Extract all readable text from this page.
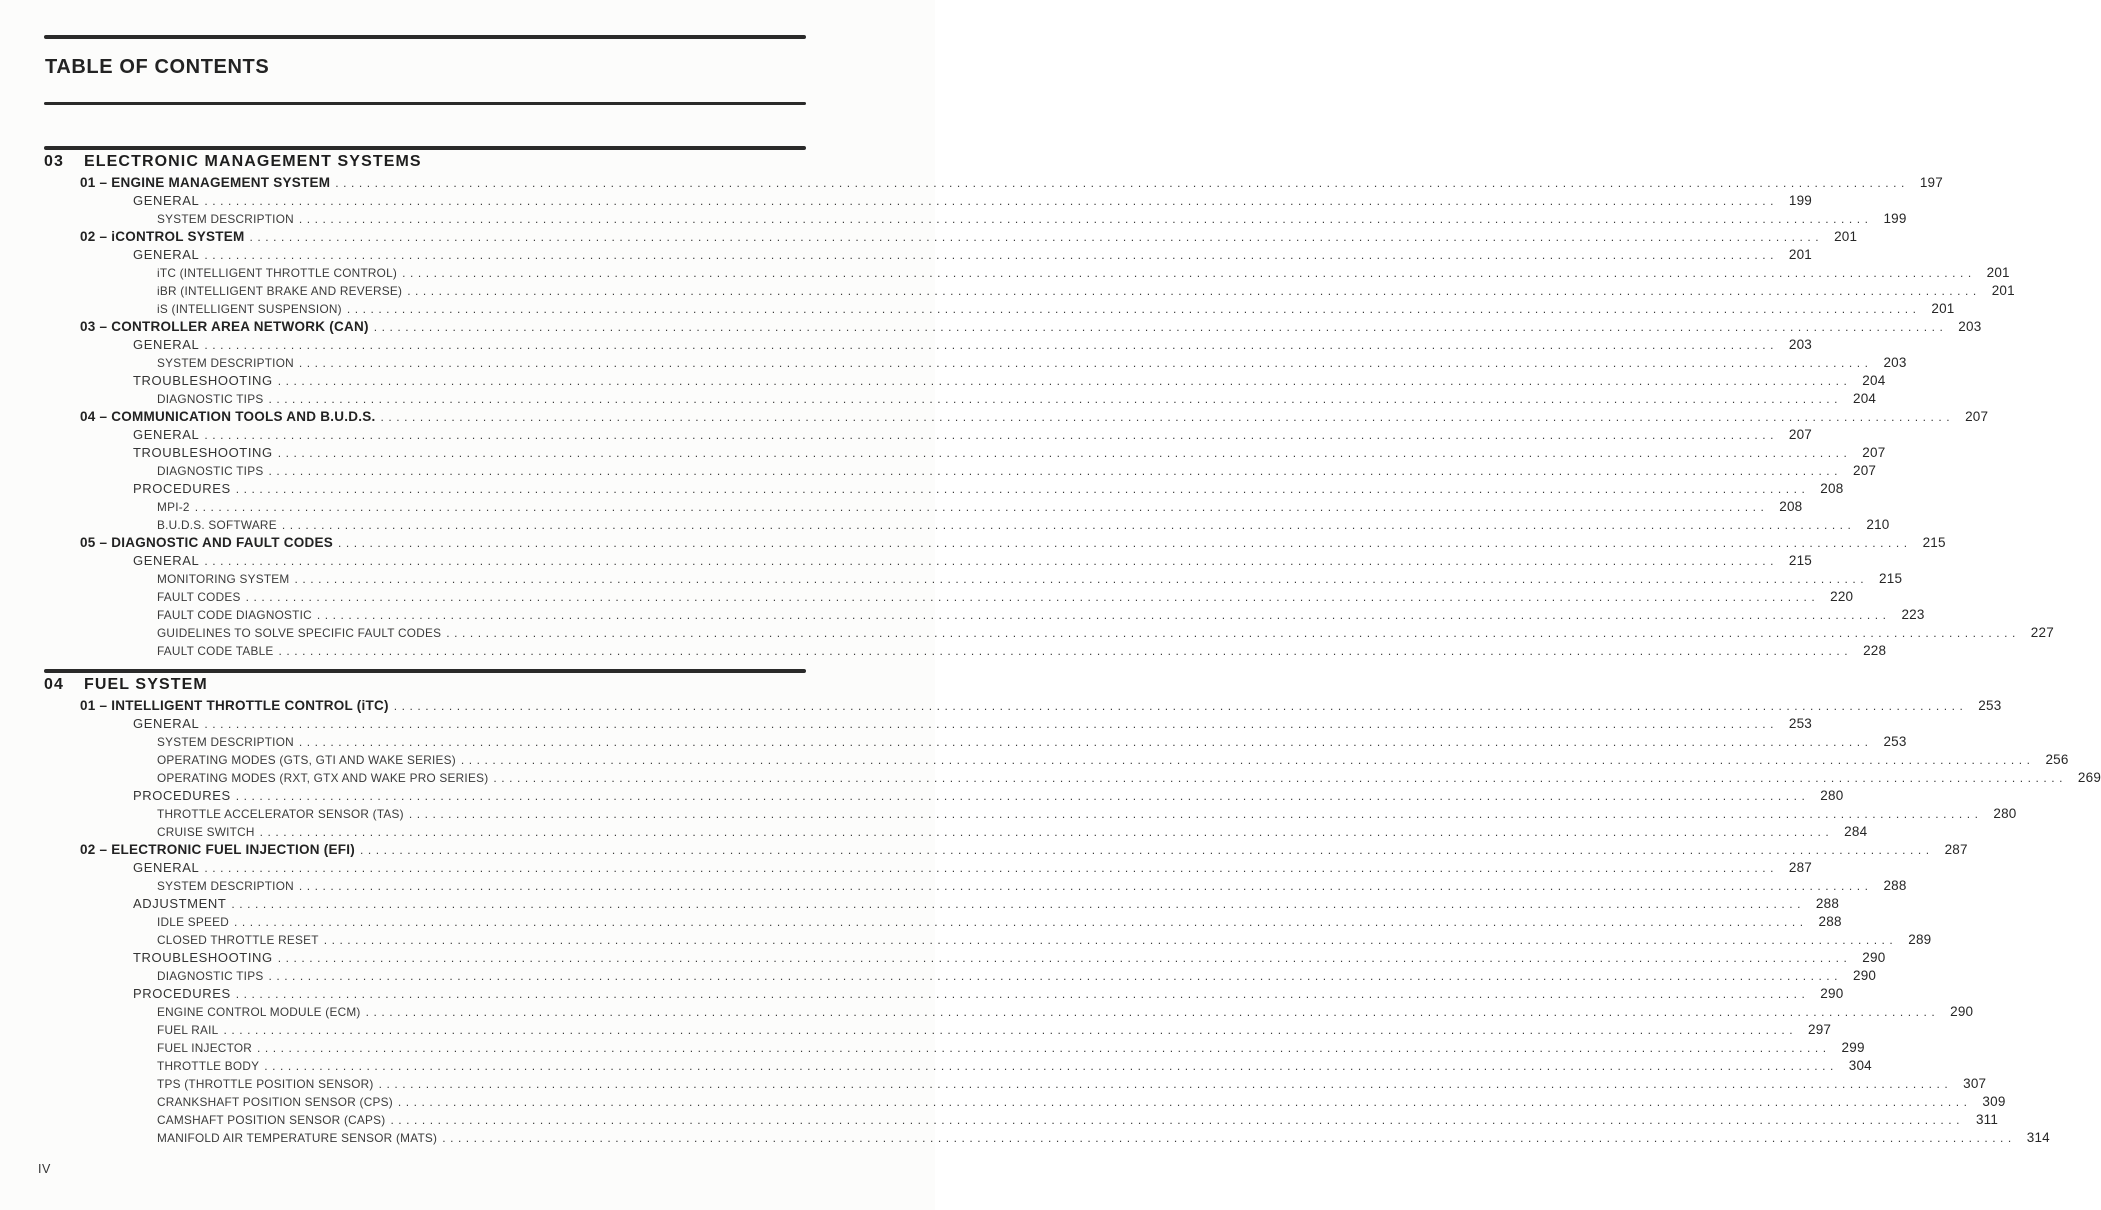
TABLE OF CONTENTS
03	ELECTRONIC MANAGEMENT SYSTEMS
01 – ENGINE MANAGEMENT SYSTEM . . . . . . . . . . . . . . . . . . . . . . . . . . . . . . . . . . . . . . . . . . . . . . . . . . . . . . . . . . . . . . . . . . . . . . . . . . . . . . . . . . . . . . . . . . . . . . . . . . . . . . . . . . . . . . . . . . . . . . . . . . . . . . . . . . . . . . . . . . . . . . . . . . . . . . . . . . . . . . . . . . . . . . . . . . . . . . . . . . . . . . . . . . . . . . . . . . . . . . . .	197
GENERAL . . . . . . . . . . . . . . . . . . . . . . . . . . . . . . . . . . . . . . . . . . . . . . . . . . . . . . . . . . . . . . . . . . . . . . . . . . . . . . . . . . . . . . . . . . . . . . . . . . . . . . . . . . . . . . . . . . . . . . . . . . . . . . . . . . . . . . . . . . . . . . . . . . . . . . . . . . . . . . . . . . . . . . . . . . . . . . . . . . . . . . . . . . . . . . . . . . . . . . . .	199
SYSTEM DESCRIPTION . . . . . . . . . . . . . . . . . . . . . . . . . . . . . . . . . . . . . . . . . . . . . . . . . . . . . . . . . . . . . . . . . . . . . . . . . . . . . . . . . . . . . . . . . . . . . . . . . . . . . . . . . . . . . . . . . . . . . . . . . . . . . . . . . . . . . . . . . . . . . . . . . . . . . . . . . . . . . . . . . . . . . . . . . . . . . . . . . . . . . . . . . . . . . . . . . . . . . . . .	199
02 – iCONTROL SYSTEM . . . . . . . . . . . . . . . . . . . . . . . . . . . . . . . . . . . . . . . . . . . . . . . . . . . . . . . . . . . . . . . . . . . . . . . . . . . . . . . . . . . . . . . . . . . . . . . . . . . . . . . . . . . . . . . . . . . . . . . . . . . . . . . . . . . . . . . . . . . . . . . . . . . . . . . . . . . . . . . . . . . . . . . . . . . . . . . . . . . . . . . . . . . . . . . . . . . . . . . .	201
GENERAL . . . . . . . . . . . . . . . . . . . . . . . . . . . . . . . . . . . . . . . . . . . . . . . . . . . . . . . . . . . . . . . . . . . . . . . . . . . . . . . . . . . . . . . . . . . . . . . . . . . . . . . . . . . . . . . . . . . . . . . . . . . . . . . . . . . . . . . . . . . . . . . . . . . . . . . . . . . . . . . . . . . . . . . . . . . . . . . . . . . . . . . . . . . . . . . . . . . . . . . .	201
iTC (INTELLIGENT THROTTLE CONTROL) . . . . . . . . . . . . . . . . . . . . . . . . . . . . . . . . . . . . . . . . . . . . . . . . . . . . . . . . . . . . . . . . . . . . . . . . . . . . . . . . . . . . . . . . . . . . . . . . . . . . . . . . . . . . . . . . . . . . . . . . . . . . . . . . . . . . . . . . . . . . . . . . . . . . . . . . . . . . . . . . . . . . . . . . . . . . . . . . . . . . . . . . . . . . . . . . . . . . . . . .	201
iBR (INTELLIGENT BRAKE AND REVERSE) . . . . . . . . . . . . . . . . . . . . . . . . . . . . . . . . . . . . . . . . . . . . . . . . . . . . . . . . . . . . . . . . . . . . . . . . . . . . . . . . . . . . . . . . . . . . . . . . . . . . . . . . . . . . . . . . . . . . . . . . . . . . . . . . . . . . . . . . . . . . . . . . . . . . . . . . . . . . . . . . . . . . . . . . . . . . . . . . . . . . . . . . . . . . . . . . . . . . . . . .	201
iS (INTELLIGENT SUSPENSION) . . . . . . . . . . . . . . . . . . . . . . . . . . . . . . . . . . . . . . . . . . . . . . . . . . . . . . . . . . . . . . . . . . . . . . . . . . . . . . . . . . . . . . . . . . . . . . . . . . . . . . . . . . . . . . . . . . . . . . . . . . . . . . . . . . . . . . . . . . . . . . . . . . . . . . . . . . . . . . . . . . . . . . . . . . . . . . . . . . . . . . . . . . . . . . . . . . . . . . . .	201
03 – CONTROLLER AREA NETWORK (CAN) . . . . . . . . . . . . . . . . . . . . . . . . . . . . . . . . . . . . . . . . . . . . . . . . . . . . . . . . . . . . . . . . . . . . . . . . . . . . . . . . . . . . . . . . . . . . . . . . . . . . . . . . . . . . . . . . . . . . . . . . . . . . . . . . . . . . . . . . . . . . . . . . . . . . . . . . . . . . . . . . . . . . . . . . . . . . . . . . . . . . . . . . . . . . . . . . . . . . . . . .	203
GENERAL . . . . . . . . . . . . . . . . . . . . . . . . . . . . . . . . . . . . . . . . . . . . . . . . . . . . . . . . . . . . . . . . . . . . . . . . . . . . . . . . . . . . . . . . . . . . . . . . . . . . . . . . . . . . . . . . . . . . . . . . . . . . . . . . . . . . . . . . . . . . . . . . . . . . . . . . . . . . . . . . . . . . . . . . . . . . . . . . . . . . . . . . . . . . . . . . . . . . . . . .	203
SYSTEM DESCRIPTION . . . . . . . . . . . . . . . . . . . . . . . . . . . . . . . . . . . . . . . . . . . . . . . . . . . . . . . . . . . . . . . . . . . . . . . . . . . . . . . . . . . . . . . . . . . . . . . . . . . . . . . . . . . . . . . . . . . . . . . . . . . . . . . . . . . . . . . . . . . . . . . . . . . . . . . . . . . . . . . . . . . . . . . . . . . . . . . . . . . . . . . . . . . . . . . . . . . . . . . .	203
TROUBLESHOOTING . . . . . . . . . . . . . . . . . . . . . . . . . . . . . . . . . . . . . . . . . . . . . . . . . . . . . . . . . . . . . . . . . . . . . . . . . . . . . . . . . . . . . . . . . . . . . . . . . . . . . . . . . . . . . . . . . . . . . . . . . . . . . . . . . . . . . . . . . . . . . . . . . . . . . . . . . . . . . . . . . . . . . . . . . . . . . . . . . . . . . . . . . . . . . . . . . . . . . . . .	204
DIAGNOSTIC TIPS . . . . . . . . . . . . . . . . . . . . . . . . . . . . . . . . . . . . . . . . . . . . . . . . . . . . . . . . . . . . . . . . . . . . . . . . . . . . . . . . . . . . . . . . . . . . . . . . . . . . . . . . . . . . . . . . . . . . . . . . . . . . . . . . . . . . . . . . . . . . . . . . . . . . . . . . . . . . . . . . . . . . . . . . . . . . . . . . . . . . . . . . . . . . . . . . . . . . . . . .	204
04 – COMMUNICATION TOOLS AND B.U.D.S. . . . . . . . . . . . . . . . . . . . . . . . . . . . . . . . . . . . . . . . . . . . . . . . . . . . . . . . . . . . . . . . . . . . . . . . . . . . . . . . . . . . . . . . . . . . . . . . . . . . . . . . . . . . . . . . . . . . . . . . . . . . . . . . . . . . . . . . . . . . . . . . . . . . . . . . . . . . . . . . . . . . . . . . . . . . . . . . . . . . . . . . . . . . . . . . . . . . . . . . .	207
GENERAL . . . . . . . . . . . . . . . . . . . . . . . . . . . . . . . . . . . . . . . . . . . . . . . . . . . . . . . . . . . . . . . . . . . . . . . . . . . . . . . . . . . . . . . . . . . . . . . . . . . . . . . . . . . . . . . . . . . . . . . . . . . . . . . . . . . . . . . . . . . . . . . . . . . . . . . . . . . . . . . . . . . . . . . . . . . . . . . . . . . . . . . . . . . . . . . . . . . . . . . .	207
TROUBLESHOOTING . . . . . . . . . . . . . . . . . . . . . . . . . . . . . . . . . . . . . . . . . . . . . . . . . . . . . . . . . . . . . . . . . . . . . . . . . . . . . . . . . . . . . . . . . . . . . . . . . . . . . . . . . . . . . . . . . . . . . . . . . . . . . . . . . . . . . . . . . . . . . . . . . . . . . . . . . . . . . . . . . . . . . . . . . . . . . . . . . . . . . . . . . . . . . . . . . . . . . . . .	207
DIAGNOSTIC TIPS . . . . . . . . . . . . . . . . . . . . . . . . . . . . . . . . . . . . . . . . . . . . . . . . . . . . . . . . . . . . . . . . . . . . . . . . . . . . . . . . . . . . . . . . . . . . . . . . . . . . . . . . . . . . . . . . . . . . . . . . . . . . . . . . . . . . . . . . . . . . . . . . . . . . . . . . . . . . . . . . . . . . . . . . . . . . . . . . . . . . . . . . . . . . . . . . . . . . . . . .	207
PROCEDURES . . . . . . . . . . . . . . . . . . . . . . . . . . . . . . . . . . . . . . . . . . . . . . . . . . . . . . . . . . . . . . . . . . . . . . . . . . . . . . . . . . . . . . . . . . . . . . . . . . . . . . . . . . . . . . . . . . . . . . . . . . . . . . . . . . . . . . . . . . . . . . . . . . . . . . . . . . . . . . . . . . . . . . . . . . . . . . . . . . . . . . . . . . . . . . . . . . . . . . . .	208
MPI-2 . . . . . . . . . . . . . . . . . . . . . . . . . . . . . . . . . . . . . . . . . . . . . . . . . . . . . . . . . . . . . . . . . . . . . . . . . . . . . . . . . . . . . . . . . . . . . . . . . . . . . . . . . . . . . . . . . . . . . . . . . . . . . . . . . . . . . . . . . . . . . . . . . . . . . . . . . . . . . . . . . . . . . . . . . . . . . . . . . . . . . . . . . . . . . . . . . . . . . . . .	208
B.U.D.S. SOFTWARE . . . . . . . . . . . . . . . . . . . . . . . . . . . . . . . . . . . . . . . . . . . . . . . . . . . . . . . . . . . . . . . . . . . . . . . . . . . . . . . . . . . . . . . . . . . . . . . . . . . . . . . . . . . . . . . . . . . . . . . . . . . . . . . . . . . . . . . . . . . . . . . . . . . . . . . . . . . . . . . . . . . . . . . . . . . . . . . . . . . . . . . . . . . . . . . . . . . . . . . .	210
05 – DIAGNOSTIC AND FAULT CODES . . . . . . . . . . . . . . . . . . . . . . . . . . . . . . . . . . . . . . . . . . . . . . . . . . . . . . . . . . . . . . . . . . . . . . . . . . . . . . . . . . . . . . . . . . . . . . . . . . . . . . . . . . . . . . . . . . . . . . . . . . . . . . . . . . . . . . . . . . . . . . . . . . . . . . . . . . . . . . . . . . . . . . . . . . . . . . . . . . . . . . . . . . . . . . . . . . . . . . . .	215
GENERAL . . . . . . . . . . . . . . . . . . . . . . . . . . . . . . . . . . . . . . . . . . . . . . . . . . . . . . . . . . . . . . . . . . . . . . . . . . . . . . . . . . . . . . . . . . . . . . . . . . . . . . . . . . . . . . . . . . . . . . . . . . . . . . . . . . . . . . . . . . . . . . . . . . . . . . . . . . . . . . . . . . . . . . . . . . . . . . . . . . . . . . . . . . . . . . . . . . . . . . . .	215
MONITORING SYSTEM . . . . . . . . . . . . . . . . . . . . . . . . . . . . . . . . . . . . . . . . . . . . . . . . . . . . . . . . . . . . . . . . . . . . . . . . . . . . . . . . . . . . . . . . . . . . . . . . . . . . . . . . . . . . . . . . . . . . . . . . . . . . . . . . . . . . . . . . . . . . . . . . . . . . . . . . . . . . . . . . . . . . . . . . . . . . . . . . . . . . . . . . . . . . . . . . . . . . . . . .	215
FAULT CODES . . . . . . . . . . . . . . . . . . . . . . . . . . . . . . . . . . . . . . . . . . . . . . . . . . . . . . . . . . . . . . . . . . . . . . . . . . . . . . . . . . . . . . . . . . . . . . . . . . . . . . . . . . . . . . . . . . . . . . . . . . . . . . . . . . . . . . . . . . . . . . . . . . . . . . . . . . . . . . . . . . . . . . . . . . . . . . . . . . . . . . . . . . . . . . . . . . . . . . . .	220
FAULT CODE DIAGNOSTIC . . . . . . . . . . . . . . . . . . . . . . . . . . . . . . . . . . . . . . . . . . . . . . . . . . . . . . . . . . . . . . . . . . . . . . . . . . . . . . . . . . . . . . . . . . . . . . . . . . . . . . . . . . . . . . . . . . . . . . . . . . . . . . . . . . . . . . . . . . . . . . . . . . . . . . . . . . . . . . . . . . . . . . . . . . . . . . . . . . . . . . . . . . . . . . . . . . . . . . . .	223
GUIDELINES TO SOLVE SPECIFIC FAULT CODES . . . . . . . . . . . . . . . . . . . . . . . . . . . . . . . . . . . . . . . . . . . . . . . . . . . . . . . . . . . . . . . . . . . . . . . . . . . . . . . . . . . . . . . . . . . . . . . . . . . . . . . . . . . . . . . . . . . . . . . . . . . . . . . . . . . . . . . . . . . . . . . . . . . . . . . . . . . . . . . . . . . . . . . . . . . . . . . . . . . . . . . . . . . . . . . . . . . . . . . .	227
FAULT CODE TABLE . . . . . . . . . . . . . . . . . . . . . . . . . . . . . . . . . . . . . . . . . . . . . . . . . . . . . . . . . . . . . . . . . . . . . . . . . . . . . . . . . . . . . . . . . . . . . . . . . . . . . . . . . . . . . . . . . . . . . . . . . . . . . . . . . . . . . . . . . . . . . . . . . . . . . . . . . . . . . . . . . . . . . . . . . . . . . . . . . . . . . . . . . . . . . . . . . . . . . . . .	228
04	FUEL SYSTEM
01 – INTELLIGENT THROTTLE CONTROL (iTC) . . . . . . . . . . . . . . . . . . . . . . . . . . . . . . . . . . . . . . . . . . . . . . . . . . . . . . . . . . . . . . . . . . . . . . . . . . . . . . . . . . . . . . . . . . . . . . . . . . . . . . . . . . . . . . . . . . . . . . . . . . . . . . . . . . . . . . . . . . . . . . . . . . . . . . . . . . . . . . . . . . . . . . . . . . . . . . . . . . . . . . . . . . . . . . . . . . . . . . . .	253
GENERAL . . . . . . . . . . . . . . . . . . . . . . . . . . . . . . . . . . . . . . . . . . . . . . . . . . . . . . . . . . . . . . . . . . . . . . . . . . . . . . . . . . . . . . . . . . . . . . . . . . . . . . . . . . . . . . . . . . . . . . . . . . . . . . . . . . . . . . . . . . . . . . . . . . . . . . . . . . . . . . . . . . . . . . . . . . . . . . . . . . . . . . . . . . . . . . . . . . . . . . . .	253
SYSTEM DESCRIPTION . . . . . . . . . . . . . . . . . . . . . . . . . . . . . . . . . . . . . . . . . . . . . . . . . . . . . . . . . . . . . . . . . . . . . . . . . . . . . . . . . . . . . . . . . . . . . . . . . . . . . . . . . . . . . . . . . . . . . . . . . . . . . . . . . . . . . . . . . . . . . . . . . . . . . . . . . . . . . . . . . . . . . . . . . . . . . . . . . . . . . . . . . . . . . . . . . . . . . . . .	253
OPERATING MODES (GTS, GTI AND WAKE SERIES) . . . . . . . . . . . . . . . . . . . . . . . . . . . . . . . . . . . . . . . . . . . . . . . . . . . . . . . . . . . . . . . . . . . . . . . . . . . . . . . . . . . . . . . . . . . . . . . . . . . . . . . . . . . . . . . . . . . . . . . . . . . . . . . . . . . . . . . . . . . . . . . . . . . . . . . . . . . . . . . . . . . . . . . . . . . . . . . . . . . . . . . . . . . . . . . . . . . . . . . .	256
OPERATING MODES (RXT, GTX AND WAKE PRO SERIES) . . . . . . . . . . . . . . . . . . . . . . . . . . . . . . . . . . . . . . . . . . . . . . . . . . . . . . . . . . . . . . . . . . . . . . . . . . . . . . . . . . . . . . . . . . . . . . . . . . . . . . . . . . . . . . . . . . . . . . . . . . . . . . . . . . . . . . . . . . . . . . . . . . . . . . . . . . . . . . . . . . . . . . . . . . . . . . . . . . . . . . . . . . . . . . . . . . . . . . . .	269
PROCEDURES . . . . . . . . . . . . . . . . . . . . . . . . . . . . . . . . . . . . . . . . . . . . . . . . . . . . . . . . . . . . . . . . . . . . . . . . . . . . . . . . . . . . . . . . . . . . . . . . . . . . . . . . . . . . . . . . . . . . . . . . . . . . . . . . . . . . . . . . . . . . . . . . . . . . . . . . . . . . . . . . . . . . . . . . . . . . . . . . . . . . . . . . . . . . . . . . . . . . . . . .	280
THROTTLE ACCELERATOR SENSOR (TAS) . . . . . . . . . . . . . . . . . . . . . . . . . . . . . . . . . . . . . . . . . . . . . . . . . . . . . . . . . . . . . . . . . . . . . . . . . . . . . . . . . . . . . . . . . . . . . . . . . . . . . . . . . . . . . . . . . . . . . . . . . . . . . . . . . . . . . . . . . . . . . . . . . . . . . . . . . . . . . . . . . . . . . . . . . . . . . . . . . . . . . . . . . . . . . . . . . . . . . . . .	280
CRUISE SWITCH . . . . . . . . . . . . . . . . . . . . . . . . . . . . . . . . . . . . . . . . . . . . . . . . . . . . . . . . . . . . . . . . . . . . . . . . . . . . . . . . . . . . . . . . . . . . . . . . . . . . . . . . . . . . . . . . . . . . . . . . . . . . . . . . . . . . . . . . . . . . . . . . . . . . . . . . . . . . . . . . . . . . . . . . . . . . . . . . . . . . . . . . . . . . . . . . . . . . . . . .	284
02 – ELECTRONIC FUEL INJECTION (EFI) . . . . . . . . . . . . . . . . . . . . . . . . . . . . . . . . . . . . . . . . . . . . . . . . . . . . . . . . . . . . . . . . . . . . . . . . . . . . . . . . . . . . . . . . . . . . . . . . . . . . . . . . . . . . . . . . . . . . . . . . . . . . . . . . . . . . . . . . . . . . . . . . . . . . . . . . . . . . . . . . . . . . . . . . . . . . . . . . . . . . . . . . . . . . . . . . . . . . . . . .	287
GENERAL . . . . . . . . . . . . . . . . . . . . . . . . . . . . . . . . . . . . . . . . . . . . . . . . . . . . . . . . . . . . . . . . . . . . . . . . . . . . . . . . . . . . . . . . . . . . . . . . . . . . . . . . . . . . . . . . . . . . . . . . . . . . . . . . . . . . . . . . . . . . . . . . . . . . . . . . . . . . . . . . . . . . . . . . . . . . . . . . . . . . . . . . . . . . . . . . . . . . . . . .	287
SYSTEM DESCRIPTION . . . . . . . . . . . . . . . . . . . . . . . . . . . . . . . . . . . . . . . . . . . . . . . . . . . . . . . . . . . . . . . . . . . . . . . . . . . . . . . . . . . . . . . . . . . . . . . . . . . . . . . . . . . . . . . . . . . . . . . . . . . . . . . . . . . . . . . . . . . . . . . . . . . . . . . . . . . . . . . . . . . . . . . . . . . . . . . . . . . . . . . . . . . . . . . . . . . . . . . .	288
ADJUSTMENT . . . . . . . . . . . . . . . . . . . . . . . . . . . . . . . . . . . . . . . . . . . . . . . . . . . . . . . . . . . . . . . . . . . . . . . . . . . . . . . . . . . . . . . . . . . . . . . . . . . . . . . . . . . . . . . . . . . . . . . . . . . . . . . . . . . . . . . . . . . . . . . . . . . . . . . . . . . . . . . . . . . . . . . . . . . . . . . . . . . . . . . . . . . . . . . . . . . . . . . .	288
IDLE SPEED . . . . . . . . . . . . . . . . . . . . . . . . . . . . . . . . . . . . . . . . . . . . . . . . . . . . . . . . . . . . . . . . . . . . . . . . . . . . . . . . . . . . . . . . . . . . . . . . . . . . . . . . . . . . . . . . . . . . . . . . . . . . . . . . . . . . . . . . . . . . . . . . . . . . . . . . . . . . . . . . . . . . . . . . . . . . . . . . . . . . . . . . . . . . . . . . . . . . . . . .	288
CLOSED THROTTLE RESET . . . . . . . . . . . . . . . . . . . . . . . . . . . . . . . . . . . . . . . . . . . . . . . . . . . . . . . . . . . . . . . . . . . . . . . . . . . . . . . . . . . . . . . . . . . . . . . . . . . . . . . . . . . . . . . . . . . . . . . . . . . . . . . . . . . . . . . . . . . . . . . . . . . . . . . . . . . . . . . . . . . . . . . . . . . . . . . . . . . . . . . . . . . . . . . . . . . . . . . .	289
TROUBLESHOOTING . . . . . . . . . . . . . . . . . . . . . . . . . . . . . . . . . . . . . . . . . . . . . . . . . . . . . . . . . . . . . . . . . . . . . . . . . . . . . . . . . . . . . . . . . . . . . . . . . . . . . . . . . . . . . . . . . . . . . . . . . . . . . . . . . . . . . . . . . . . . . . . . . . . . . . . . . . . . . . . . . . . . . . . . . . . . . . . . . . . . . . . . . . . . . . . . . . . . . . . .	290
DIAGNOSTIC TIPS . . . . . . . . . . . . . . . . . . . . . . . . . . . . . . . . . . . . . . . . . . . . . . . . . . . . . . . . . . . . . . . . . . . . . . . . . . . . . . . . . . . . . . . . . . . . . . . . . . . . . . . . . . . . . . . . . . . . . . . . . . . . . . . . . . . . . . . . . . . . . . . . . . . . . . . . . . . . . . . . . . . . . . . . . . . . . . . . . . . . . . . . . . . . . . . . . . . . . . . .	290
PROCEDURES . . . . . . . . . . . . . . . . . . . . . . . . . . . . . . . . . . . . . . . . . . . . . . . . . . . . . . . . . . . . . . . . . . . . . . . . . . . . . . . . . . . . . . . . . . . . . . . . . . . . . . . . . . . . . . . . . . . . . . . . . . . . . . . . . . . . . . . . . . . . . . . . . . . . . . . . . . . . . . . . . . . . . . . . . . . . . . . . . . . . . . . . . . . . . . . . . . . . . . . .	290
ENGINE CONTROL MODULE (ECM) . . . . . . . . . . . . . . . . . . . . . . . . . . . . . . . . . . . . . . . . . . . . . . . . . . . . . . . . . . . . . . . . . . . . . . . . . . . . . . . . . . . . . . . . . . . . . . . . . . . . . . . . . . . . . . . . . . . . . . . . . . . . . . . . . . . . . . . . . . . . . . . . . . . . . . . . . . . . . . . . . . . . . . . . . . . . . . . . . . . . . . . . . . . . . . . . . . . . . . . .	290
FUEL RAIL . . . . . . . . . . . . . . . . . . . . . . . . . . . . . . . . . . . . . . . . . . . . . . . . . . . . . . . . . . . . . . . . . . . . . . . . . . . . . . . . . . . . . . . . . . . . . . . . . . . . . . . . . . . . . . . . . . . . . . . . . . . . . . . . . . . . . . . . . . . . . . . . . . . . . . . . . . . . . . . . . . . . . . . . . . . . . . . . . . . . . . . . . . . . . . . . . . . . . . . .	297
FUEL INJECTOR . . . . . . . . . . . . . . . . . . . . . . . . . . . . . . . . . . . . . . . . . . . . . . . . . . . . . . . . . . . . . . . . . . . . . . . . . . . . . . . . . . . . . . . . . . . . . . . . . . . . . . . . . . . . . . . . . . . . . . . . . . . . . . . . . . . . . . . . . . . . . . . . . . . . . . . . . . . . . . . . . . . . . . . . . . . . . . . . . . . . . . . . . . . . . . . . . . . . . . . .	299
THROTTLE BODY . . . . . . . . . . . . . . . . . . . . . . . . . . . . . . . . . . . . . . . . . . . . . . . . . . . . . . . . . . . . . . . . . . . . . . . . . . . . . . . . . . . . . . . . . . . . . . . . . . . . . . . . . . . . . . . . . . . . . . . . . . . . . . . . . . . . . . . . . . . . . . . . . . . . . . . . . . . . . . . . . . . . . . . . . . . . . . . . . . . . . . . . . . . . . . . . . . . . . . . .	304
TPS (THROTTLE POSITION SENSOR) . . . . . . . . . . . . . . . . . . . . . . . . . . . . . . . . . . . . . . . . . . . . . . . . . . . . . . . . . . . . . . . . . . . . . . . . . . . . . . . . . . . . . . . . . . . . . . . . . . . . . . . . . . . . . . . . . . . . . . . . . . . . . . . . . . . . . . . . . . . . . . . . . . . . . . . . . . . . . . . . . . . . . . . . . . . . . . . . . . . . . . . . . . . . . . . . . . . . . . . .	307
CRANKSHAFT POSITION SENSOR (CPS) . . . . . . . . . . . . . . . . . . . . . . . . . . . . . . . . . . . . . . . . . . . . . . . . . . . . . . . . . . . . . . . . . . . . . . . . . . . . . . . . . . . . . . . . . . . . . . . . . . . . . . . . . . . . . . . . . . . . . . . . . . . . . . . . . . . . . . . . . . . . . . . . . . . . . . . . . . . . . . . . . . . . . . . . . . . . . . . . . . . . . . . . . . . . . . . . . . . . . . . .	309
CAMSHAFT POSITION SENSOR (CAPS) . . . . . . . . . . . . . . . . . . . . . . . . . . . . . . . . . . . . . . . . . . . . . . . . . . . . . . . . . . . . . . . . . . . . . . . . . . . . . . . . . . . . . . . . . . . . . . . . . . . . . . . . . . . . . . . . . . . . . . . . . . . . . . . . . . . . . . . . . . . . . . . . . . . . . . . . . . . . . . . . . . . . . . . . . . . . . . . . . . . . . . . . . . . . . . . . . . . . . . . .	311
MANIFOLD AIR TEMPERATURE SENSOR (MATS) . . . . . . . . . . . . . . . . . . . . . . . . . . . . . . . . . . . . . . . . . . . . . . . . . . . . . . . . . . . . . . . . . . . . . . . . . . . . . . . . . . . . . . . . . . . . . . . . . . . . . . . . . . . . . . . . . . . . . . . . . . . . . . . . . . . . . . . . . . . . . . . . . . . . . . . . . . . . . . . . . . . . . . . . . . . . . . . . . . . . . . . . . . . . . . . . . . . . . . . .	314
IV
